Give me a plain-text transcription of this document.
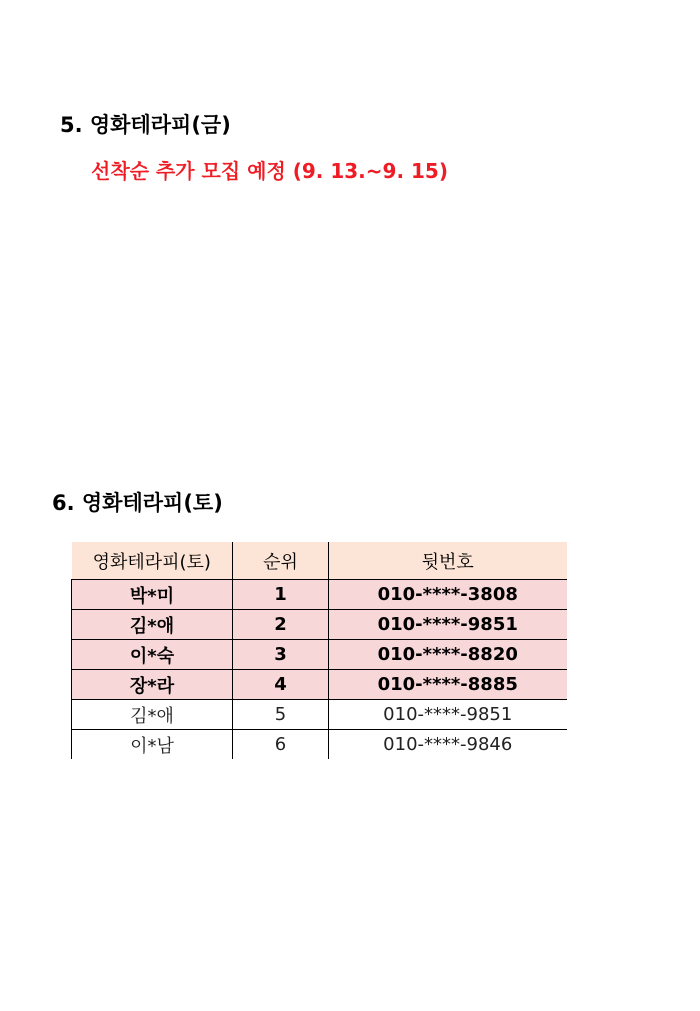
5. 영화테라피(금)
선착순 추가 모집 예정 (9. 13.~9. 15)
6. 영화테라피(토)
영화테라피(토)	순위	뒷번호
박*미	1	010-****-3808
김*애	2	010-****-9851
이*숙	3	010-****-8820
장*라	4	010-****-8885
김*애	5	010-****-9851
이*남	6	010-****-9846
